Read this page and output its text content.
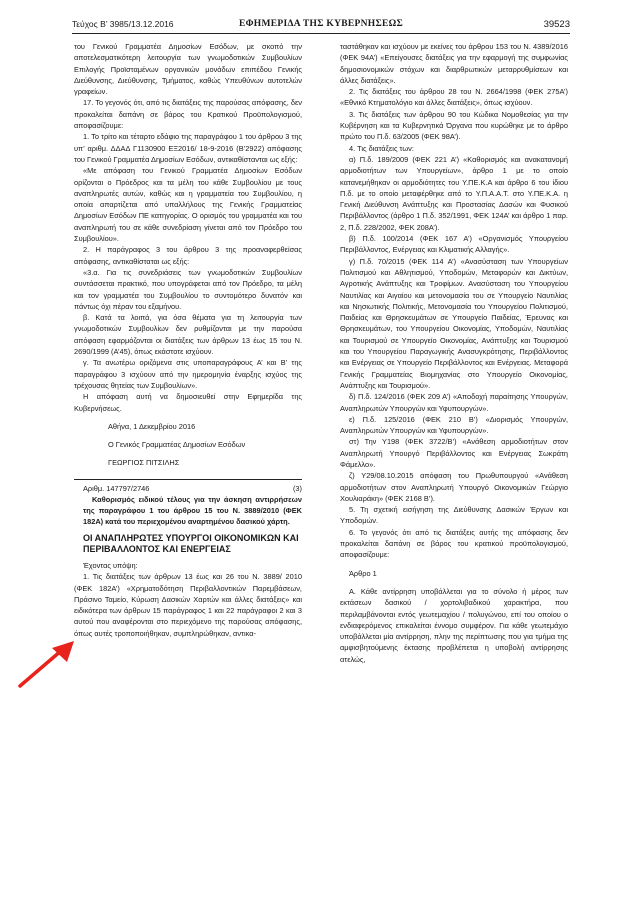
Τεύχος Β’ 3985/13.12.2016	ΕΦΗΜΕΡΙΔΑ ΤΗΣ ΚΥΒΕΡΝΗΣΕΩΣ	39523

του Γενικού Γραμματέα Δημοσίων Εσόδων, με σκοπό την αποτελεσματικότερη λειτουργία των γνωμοδοτικών Συμβουλίων Επιλογής Προϊσταμένων οργανικών μονάδων επιπέδου Γενικής Διεύθυνσης, Διεύθυνσης, Τμήματος, καθώς Υπευθύνων αυτοτελών γραφείων.

17. Το γεγονός ότι, από τις διατάξεις της παρούσας απόφασης, δεν προκαλείται δαπάνη σε βάρος του Κρατικού Προϋπολογισμού, αποφασίζουμε:

1. Το τρίτο και τέταρτο εδάφιο της παραγράφου 1 του άρθρου 3 της υπ’ αριθμ. ΔΔΑΔ Γ1130900 ΕΞ2016/ 18-9-2016 (Β’2922) απόφασης του Γενικού Γραμματέα Δημοσίων Εσόδων, αντικαθίστανται ως εξής:

«Με απόφαση του Γενικού Γραμματέα Δημοσίων Εσόδων ορίζονται ο Πρόεδρος και τα μέλη του κάθε Συμβουλίου με τους αναπληρωτές αυτών, καθώς και η γραμματεία του Συμβουλίου, η οποία απαρτίζεται από υπαλλήλους της Γενικής Γραμματείας Δημοσίων Εσόδων ΠΕ κατηγορίας. Ο ορισμός του γραμματέα και του αναπληρωτή του σε κάθε συνεδρίαση γίνεται από τον Πρόεδρο του Συμβουλίου».

2. Η παράγραφος 3 του άρθρου 3 της προαναφερθείσας απόφασης, αντικαθίσταται ως εξής:

«3.α. Για τις συνεδριάσεις των γνωμοδοτικών Συμβουλίων συντάσσεται πρακτικό, που υπογράφεται από τον Πρόεδρο, τα μέλη και τον γραμματέα του Συμβουλίου το συντομότερο δυνατόν και πάντως όχι πέραν του εξαμήνου.

β. Κατά τα λοιπά, για όσα θέματα για τη λειτουργία των γνωμοδοτικών Συμβουλίων δεν ρυθμίζονται με την παρούσα απόφαση εφαρμόζονται οι διατάξεις των άρθρων 13 έως 15 του Ν. 2690/1999 (Α’45), όπως εκάστοτε ισχύουν.

γ. Τα ανωτέρω οριζόμενα στις υποπαραγράφους Α’ και Β’ της παραγράφου 3 ισχύουν από την ημερομηνία έναρξης ισχύος της τρέχουσας θητείας των Συμβουλίων».

Η απόφαση αυτή να δημοσιευθεί στην Εφημερίδα της Κυβερνήσεως.

Αθήνα, 1 Δεκεμβρίου 2016

Ο Γενικός Γραμματέας Δημοσίων Εσόδων

ΓΕΩΡΓΙΟΣ ΠΙΤΣΙΛΗΣ

Αριθμ. 147797/2746	(3)

Καθορισμός ειδικού τέλους για την άσκηση αντιρρήσεων της παραγράφου 1 του άρθρου 15 του Ν. 3889/2010 (ΦΕΚ 182Α) κατά του περιεχομένου αναρτημένου δασικού χάρτη.

ΟΙ ΑΝΑΠΛΗΡΩΤΕΣ ΥΠΟΥΡΓΟΙ ΟΙΚΟΝΟΜΙΚΩΝ ΚΑΙ ΠΕΡΙΒΑΛΛΟΝΤΟΣ ΚΑΙ ΕΝΕΡΓΕΙΑΣ

Έχοντας υπόψη:

1. Τις διατάξεις των άρθρων 13 έως και 26 του Ν. 3889/ 2010 (ΦΕΚ 182Α’) «Χρηματοδότηση Περιβαλλοντικών Παρεμβάσεων, Πράσινο Ταμείο, Κύρωση Δασικών Χαρτών και άλλες διατάξεις» και ειδικότερα των άρθρων 15 παράγραφος 1 και 22 παράγραφοι 2 και 3 αυτού που αναφέρονται στο περιεχόμενο της παρούσας απόφασης, όπως αυτές τροποποιήθηκαν, συμπληρώθηκαν, αντικα-

ταστάθηκαν και ισχύουν με εκείνες του άρθρου 153 του Ν. 4389/2016 (ΦΕΚ 94Α’) «Επείγουσες διατάξεις για την εφαρμογή της συμφωνίας δημοσιονομικών στόχων και διαρθρωτικών μεταρρυθμίσεων και άλλες διατάξεις».

2. Τις διατάξεις του άρθρου 28 του Ν. 2664/1998 (ΦΕΚ 275Α’) «Εθνικό Κτηματολόγιο και άλλες διατάξεις», όπως ισχύουν.

3. Τις διατάξεις των άρθρου 90 του Κώδικα Νομοθεσίας για την Κυβέρνηση και τα Κυβερνητικά Όργανα που κυρώθηκε με το άρθρο πρώτο του Π.δ. 63/2005 (ΦΕΚ 98Α’).

4. Τις διατάξεις των:

α) Π.δ. 189/2009 (ΦΕΚ 221 Α’) «Καθορισμός και ανακατανομή αρμοδιοτήτων των Υπουργείων», άρθρο 1 με το οποίο κατανεμήθηκαν οι αρμοδιότητες του Υ.ΠΕ.Κ.Α και άρθρο 6 του ίδιου Π.δ. με το οποίο μεταφέρθηκε από το Υ.Π.Α.Α.Τ. στο Υ.ΠΕ.Κ.Α. η Γενική Διεύθυνση Ανάπτυξης και Προστασίας Δασών και Φυσικού Περιβάλλοντος (άρθρο 1 Π.δ. 352/1991, ΦΕΚ 124Α’ και άρθρο 1 παρ. 2, Π.δ. 228/2002, ΦΕΚ 208Α’).

β) Π.δ. 100/2014 (ΦΕΚ 167 Α’) «Οργανισμός Υπουργείου Περιβάλλοντος, Ενέργειας και Κλιματικής Αλλαγής».

γ) Π.δ. 70/2015 (ΦΕΚ 114 Α’) «Ανασύσταση των Υπουργείων Πολιτισμού και Αθλητισμού, Υποδομών, Μεταφορών και Δικτύων, Αγροτικής Ανάπτυξης και Τροφίμων. Ανασύσταση του Υπουργείου Ναυτιλίας και Αιγαίου και μετονομασία του σε Υπουργείο Ναυτιλίας και Νησιωτικής Πολιτικής, Μετονομασία του Υπουργείου Πολιτισμού, Παιδείας και Θρησκευμάτων σε Υπουργείο Παιδείας, Έρευνας και Θρησκευμάτων, του Υπουργείου Οικονομίας, Υποδομών, Ναυτιλίας και Τουρισμού σε Υπουργείο Οικονομίας, Ανάπτυξης και Τουρισμού και του Υπουργείου Παραγωγικής Ανασυγκρότησης, Περιβάλλοντος και Ενέργειας σε Υπουργείο Περιβάλλοντος και Ενέργειας. Μεταφορά Γενικής Γραμματείας Βιομηχανίας στο Υπουργείο Οικονομίας, Ανάπτυξης και Τουρισμού».

δ) Π.δ. 124/2016 (ΦΕΚ 209 Α’) «Αποδοχή παραίτησης Υπουργών, Αναπληρωτών Υπουργών και Υφυπουργών».

ε) Π.δ. 125/2016 (ΦΕΚ 210 Β’) «Διορισμός Υπουργών, Αναπληρωτών Υπουργών και Υφυπουργών».

στ) Την Υ198 (ΦΕΚ 3722/Β’) «Ανάθεση αρμοδιοτήτων στον Αναπληρωτή Υπουργό Περιβάλλοντος και Ενέργειας Σωκράτη Φάμελλο».

ζ) Υ29/08.10.2015 απόφαση του Πρωθυπουργού «Ανάθεση αρμοδιοτήτων στον Αναπληρωτή Υπουργό Οικονομικών Γεώργιο Χουλιαράκη» (ΦΕΚ 2168 Β’).

5. Τη σχετική εισήγηση της Διεύθυνσης Δασικών Έργων και Υποδομών.

6. Το γεγονός ότι από τις διατάξεις αυτής της απόφασης δεν προκαλείται δαπάνη σε βάρος του κρατικού προϋπολογισμού, αποφασίζουμε:

Άρθρο 1

Α. Κάθε αντίρρηση υποβάλλεται για το σύνολο ή μέρος των εκτάσεων δασικού / χορτολιβαδικού χαρακτήρα, που περιλαμβάνονται εντός γεωτεμαχίου / πολυγώνου, επί του οποίου ο ενδιαφερόμενος επικαλείται έννομο συμφέρον. Για κάθε γεωτεμάχιο υποβάλλεται μία αντίρρηση, πλην της περίπτωσης που για τμήμα της αμφισβητούμενης έκτασης προβλέπεται η υποβολή αντίρρησης ατελώς,
